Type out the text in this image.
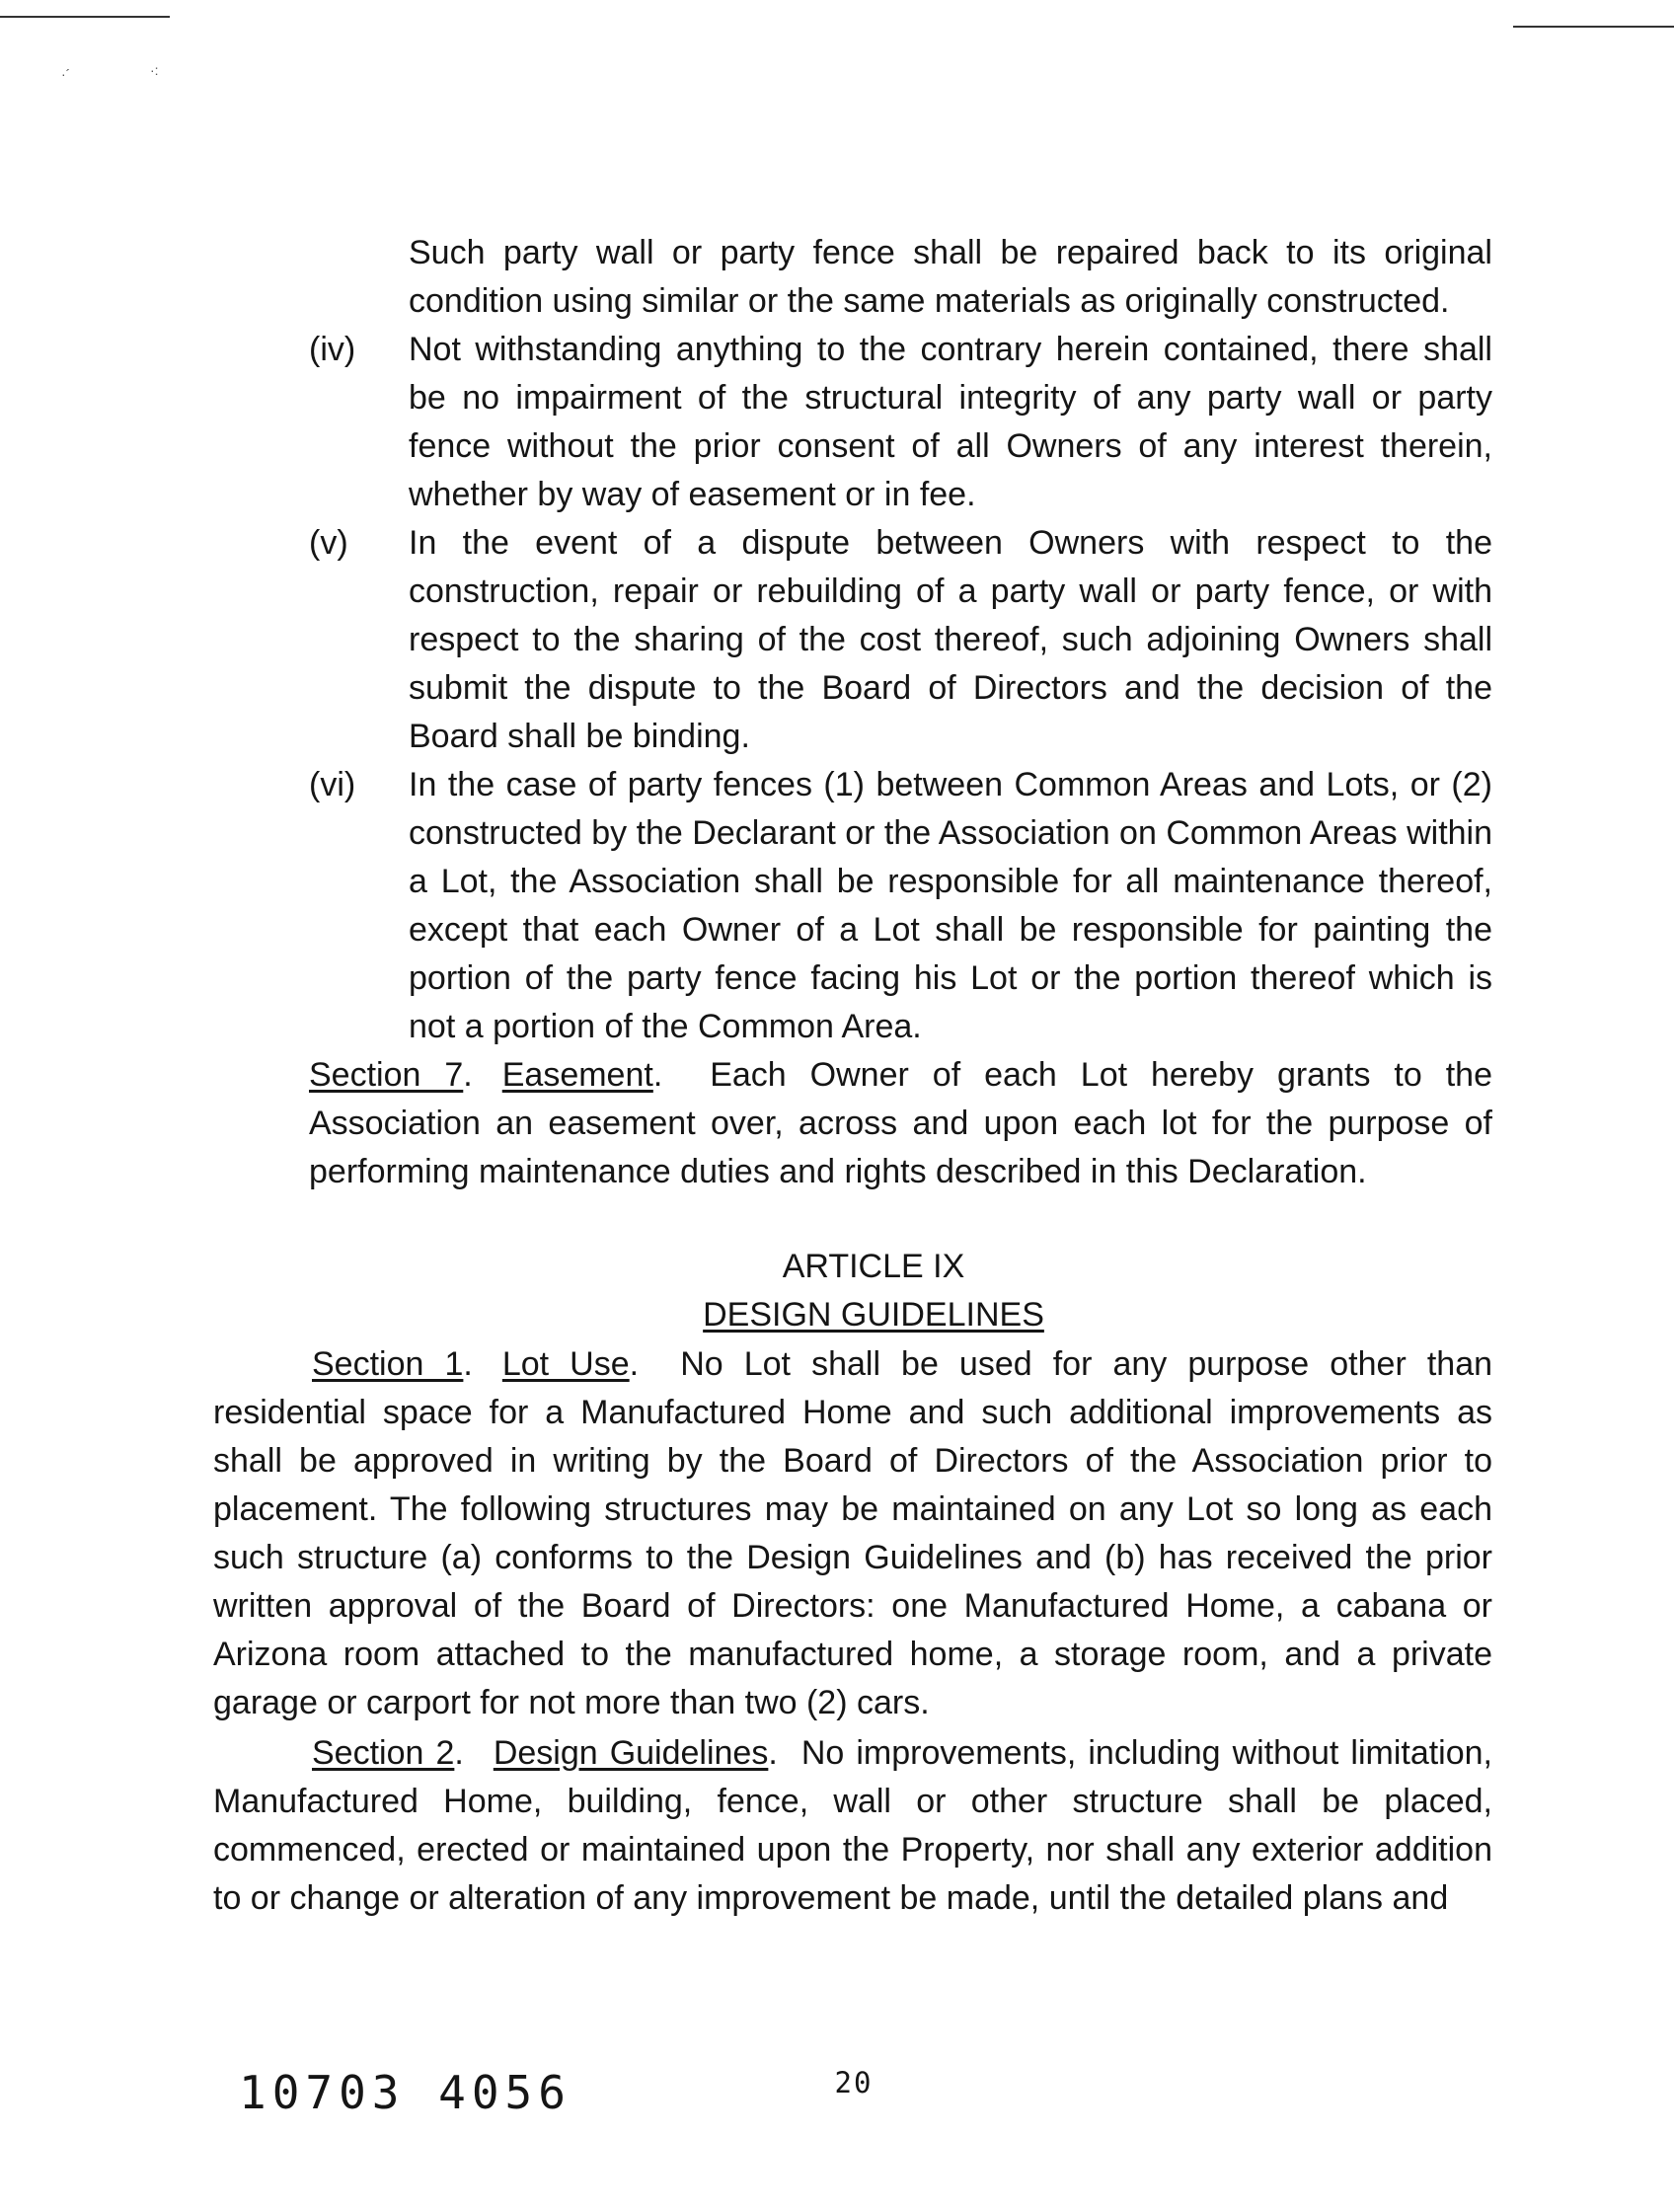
·´	·:
Such party wall or party fence shall be repaired back to its original condition using similar or the same materials as originally constructed.
(iv) Not withstanding anything to the contrary herein contained, there shall be no impairment of the structural integrity of any party wall or party fence without the prior consent of all Owners of any interest therein, whether by way of easement or in fee.
(v) In the event of a dispute between Owners with respect to the construction, repair or rebuilding of a party wall or party fence, or with respect to the sharing of the cost thereof, such adjoining Owners shall submit the dispute to the Board of Directors and the decision of the Board shall be binding.
(vi) In the case of party fences (1) between Common Areas and Lots, or (2) constructed by the Declarant or the Association on Common Areas within a Lot, the Association shall be responsible for all maintenance thereof, except that each Owner of a Lot shall be responsible for painting the portion of the party fence facing his Lot or the portion thereof which is not a portion of the Common Area.
Section 7. Easement.  Each Owner of each Lot hereby grants to the Association an easement over, across and upon each lot for the purpose of performing maintenance duties and rights described in this Declaration.
ARTICLE IX
DESIGN GUIDELINES
Section 1. Lot Use.  No Lot shall be used for any purpose other than residential space for a Manufactured Home and such additional improvements as shall be approved in writing by the Board of Directors of the Association prior to placement. The following structures may be maintained on any Lot so long as each such structure (a) conforms to the Design Guidelines and (b) has received the prior written approval of the Board of Directors: one Manufactured Home, a cabana or Arizona room attached to the manufactured home, a storage room, and a private garage or carport for not more than two (2) cars.
Section 2. Design Guidelines.  No improvements, including without limitation, Manufactured Home, building, fence, wall or other structure shall be placed, commenced, erected or maintained upon the Property, nor shall any exterior addition to or change or alteration of any improvement be made, until the detailed plans and
20
10703 4056
